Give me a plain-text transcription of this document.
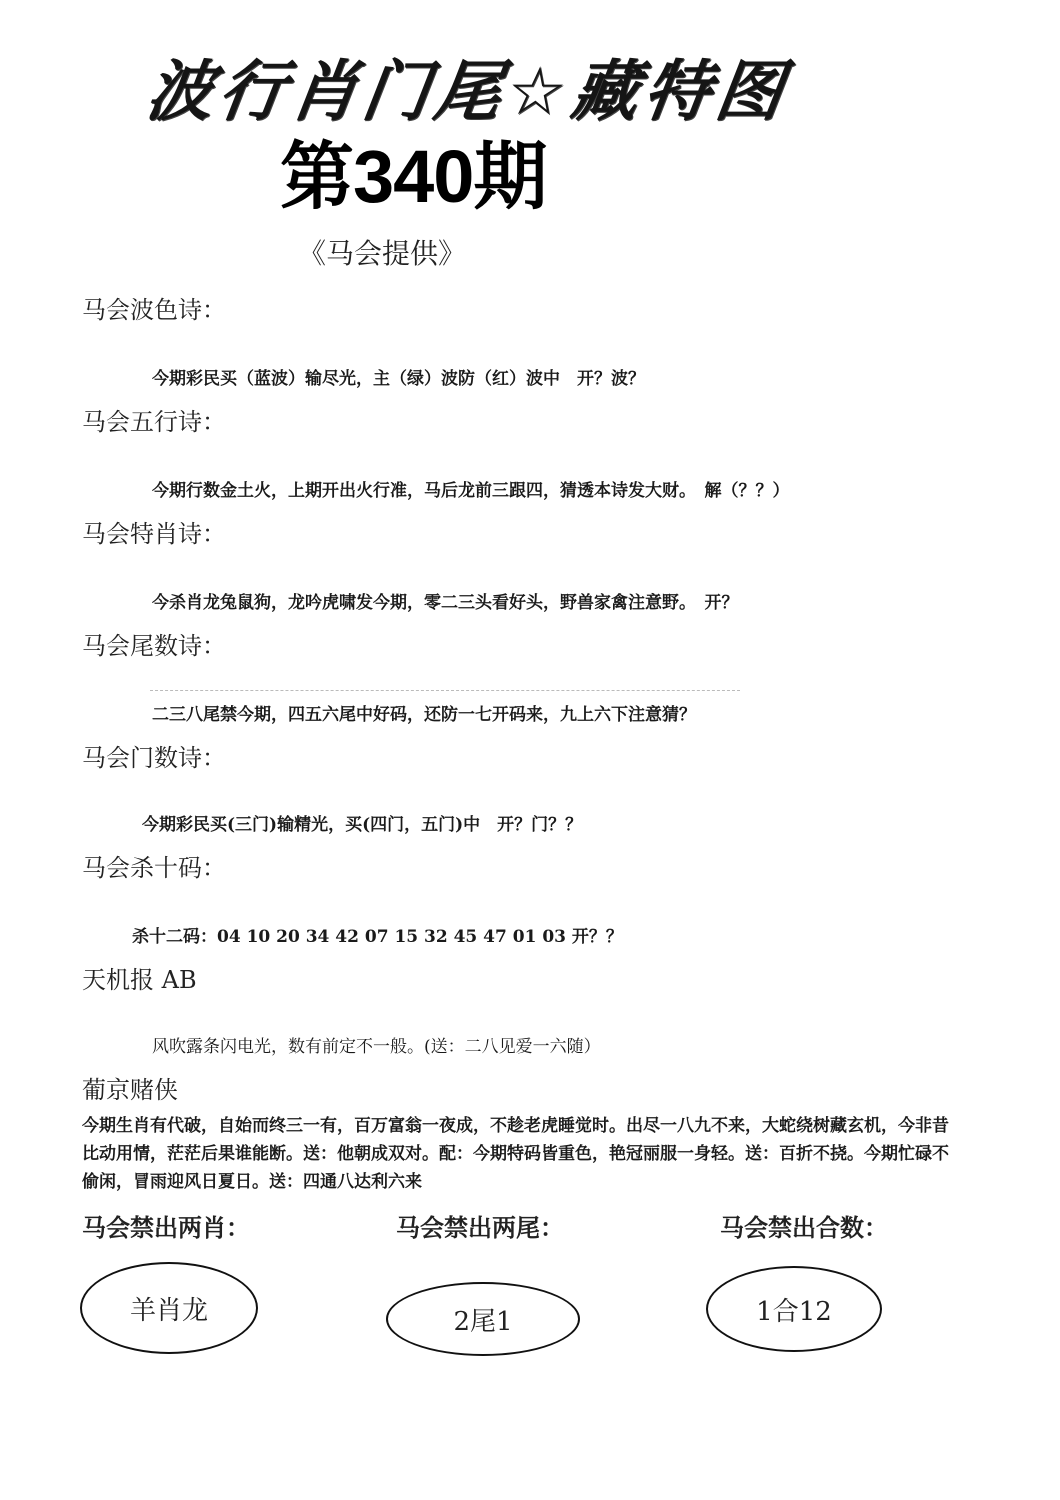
波行肖门尾☆藏特图
第340期
《马会提供》
马会波色诗：
今期彩民买（蓝波）输尽光，主（绿）波防（红）波中　开？波？
马会五行诗：
今期行数金土火，上期开出火行准，马后龙前三跟四，猜透本诗发大财。　解（？？）
马会特肖诗：
今杀肖龙兔鼠狗，龙吟虎啸发今期，零二三头看好头，野兽家禽注意野。　开？
马会尾数诗：
二三八尾禁今期，四五六尾中好码，还防一七开码来，九上六下注意猜？
马会门数诗：
今期彩民买(三门)输精光，买(四门，五门)中　开？门？？
马会杀十码：
杀十二码：04 10 20 34 42 07 15 32 45 47 01 03 开？？
天机报 AB
风吹露条闪电光，数有前定不一般。(送：二八见爱一六随）
葡京赌侠
今期生肖有代破，自始而终三一有，百万富翁一夜成，不趁老虎睡觉时。出尽一八九不来，大蛇绕树藏玄机，今非昔比动用情，茫茫后果谁能断。送：他朝成双对。配：今期特码皆重色，艳冠丽服一身轻。送：百折不挠。今期忙碌不偷闲，冒雨迎风日夏日。送：四通八达利六来
马会禁出两肖：	马会禁出两尾：	马会禁出合数：
羊肖龙	2尾1	1合12
